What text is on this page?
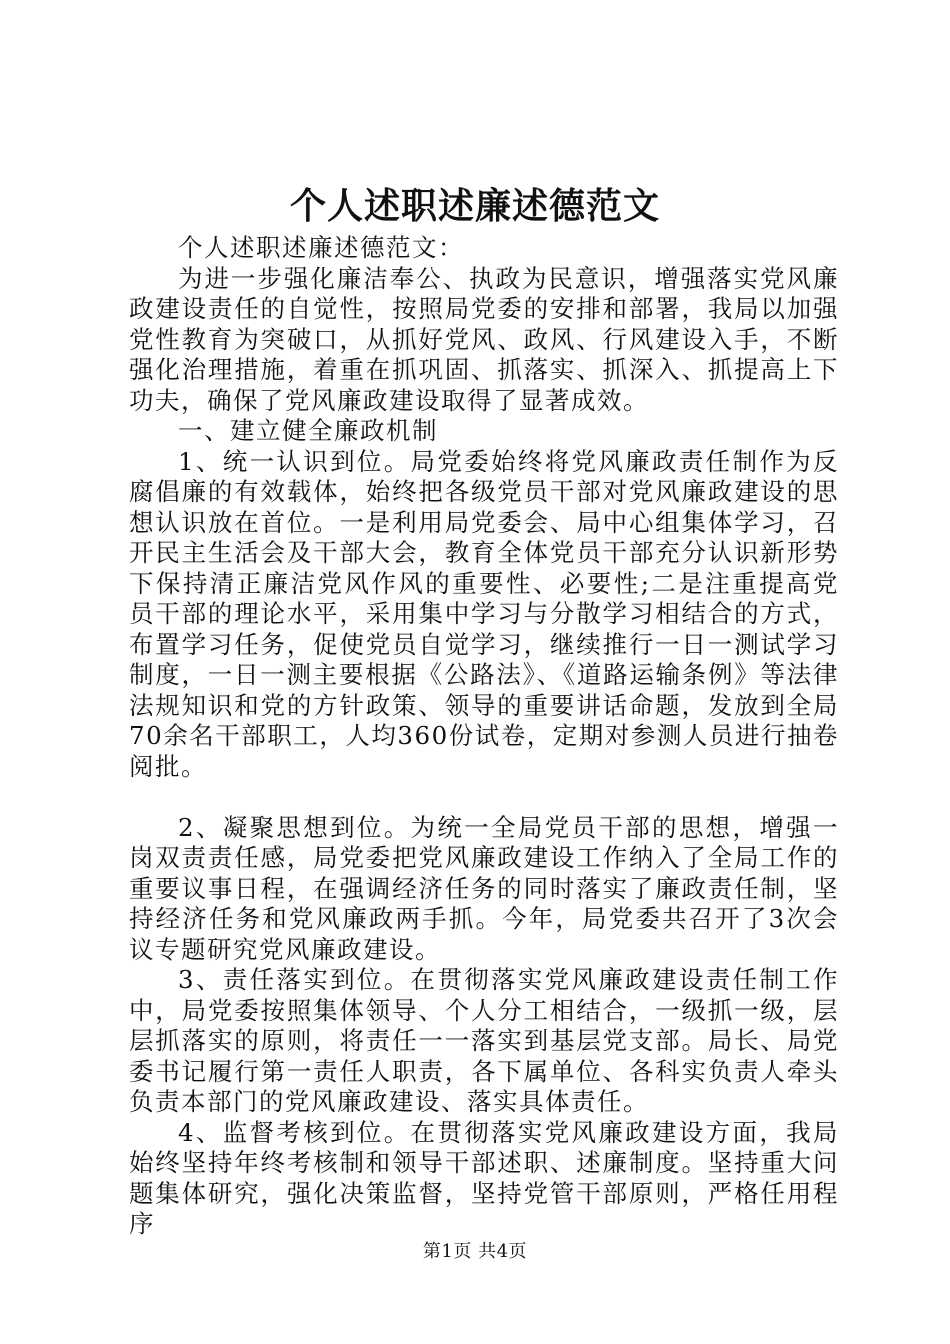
个人述职述廉述德范文

个人述职述廉述德范文：

为进一步强化廉洁奉公、执政为民意识，增强落实党风廉政建设责任的自觉性，按照局党委的安排和部署，我局以加强党性教育为突破口，从抓好党风、政风、行风建设入手，不断强化治理措施，着重在抓巩固、抓落实、抓深入、抓提高上下功夫，确保了党风廉政建设取得了显著成效。

一、建立健全廉政机制

1、统一认识到位。局党委始终将党风廉政责任制作为反腐倡廉的有效载体，始终把各级党员干部对党风廉政建设的思想认识放在首位。一是利用局党委会、局中心组集体学习，召开民主生活会及干部大会，教育全体党员干部充分认识新形势下保持清正廉洁党风作风的重要性、必要性;二是注重提高党员干部的理论水平，采用集中学习与分散学习相结合的方式，布置学习任务，促使党员自觉学习，继续推行一日一测试学习制度，一日一测主要根据《公路法》、《道路运输条例》等法律法规知识和党的方针政策、领导的重要讲话命题，发放到全局70余名干部职工，人均360份试卷，定期对参测人员进行抽卷阅批。

2、凝聚思想到位。为统一全局党员干部的思想，增强一岗双责责任感，局党委把党风廉政建设工作纳入了全局工作的重要议事日程，在强调经济任务的同时落实了廉政责任制，坚持经济任务和党风廉政两手抓。今年，局党委共召开了3次会议专题研究党风廉政建设。

3、责任落实到位。在贯彻落实党风廉政建设责任制工作中，局党委按照集体领导、个人分工相结合，一级抓一级，层层抓落实的原则，将责任一一落实到基层党支部。局长、局党委书记履行第一责任人职责，各下属单位、各科实负责人牵头负责本部门的党风廉政建设、落实具体责任。

4、监督考核到位。在贯彻落实党风廉政建设方面，我局始终坚持年终考核制和领导干部述职、述廉制度。坚持重大问题集体研究，强化决策监督，坚持党管干部原则，严格任用程序

第1页 共4页
